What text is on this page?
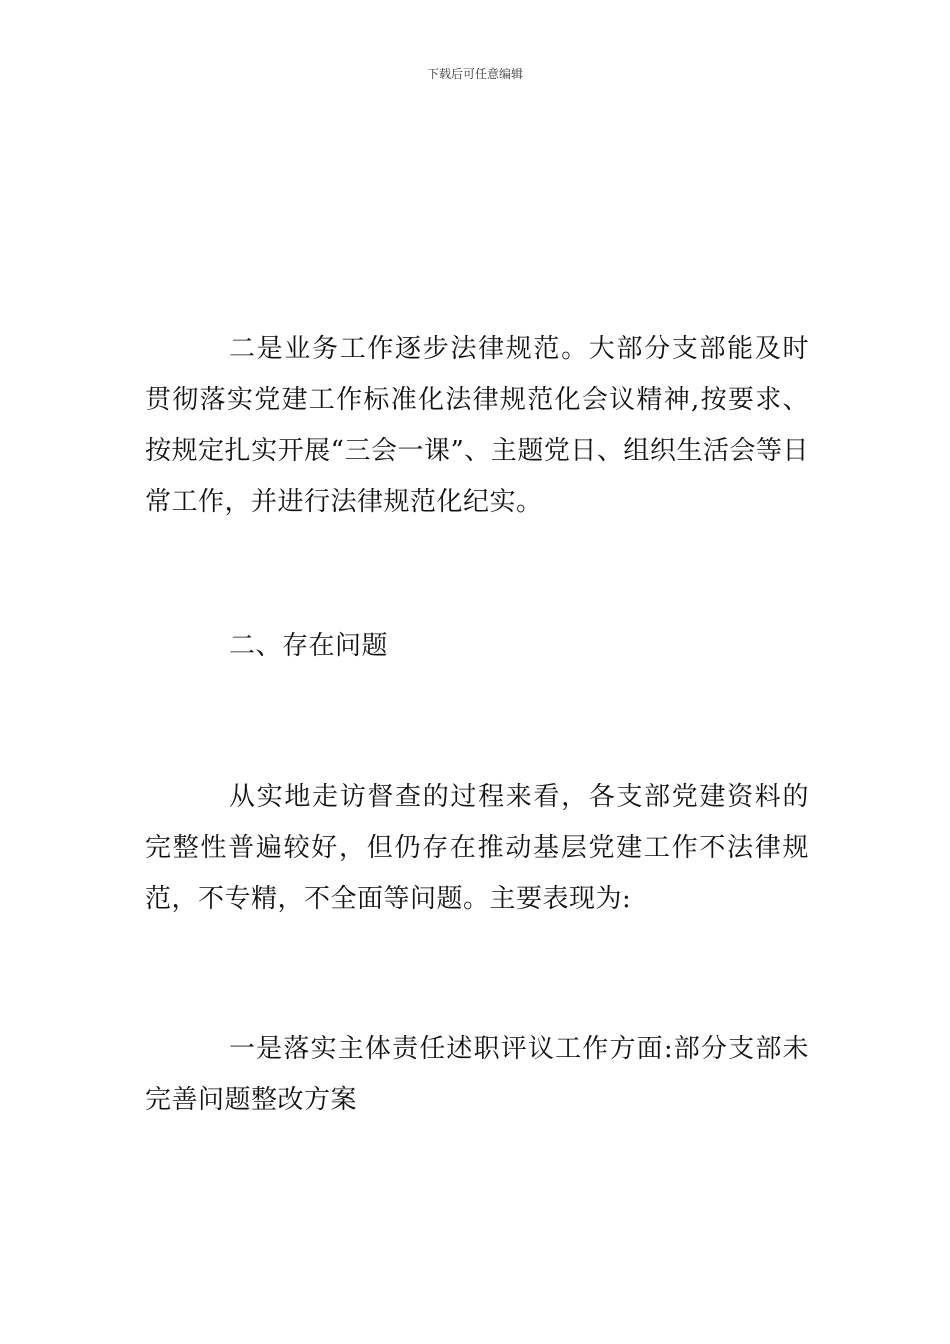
下载后可任意编辑

二是业务工作逐步法律规范。大部分支部能及时贯彻落实党建工作标准化法律规范化会议精神,按要求、按规定扎实开展“三会一课”、主题党日、组织生活会等日常工作，并进行法律规范化纪实。

二、存在问题

从实地走访督查的过程来看，各支部党建资料的完整性普遍较好，但仍存在推动基层党建工作不法律规范，不专精，不全面等问题。主要表现为:

一是落实主体责任述职评议工作方面:部分支部未完善问题整改方案
